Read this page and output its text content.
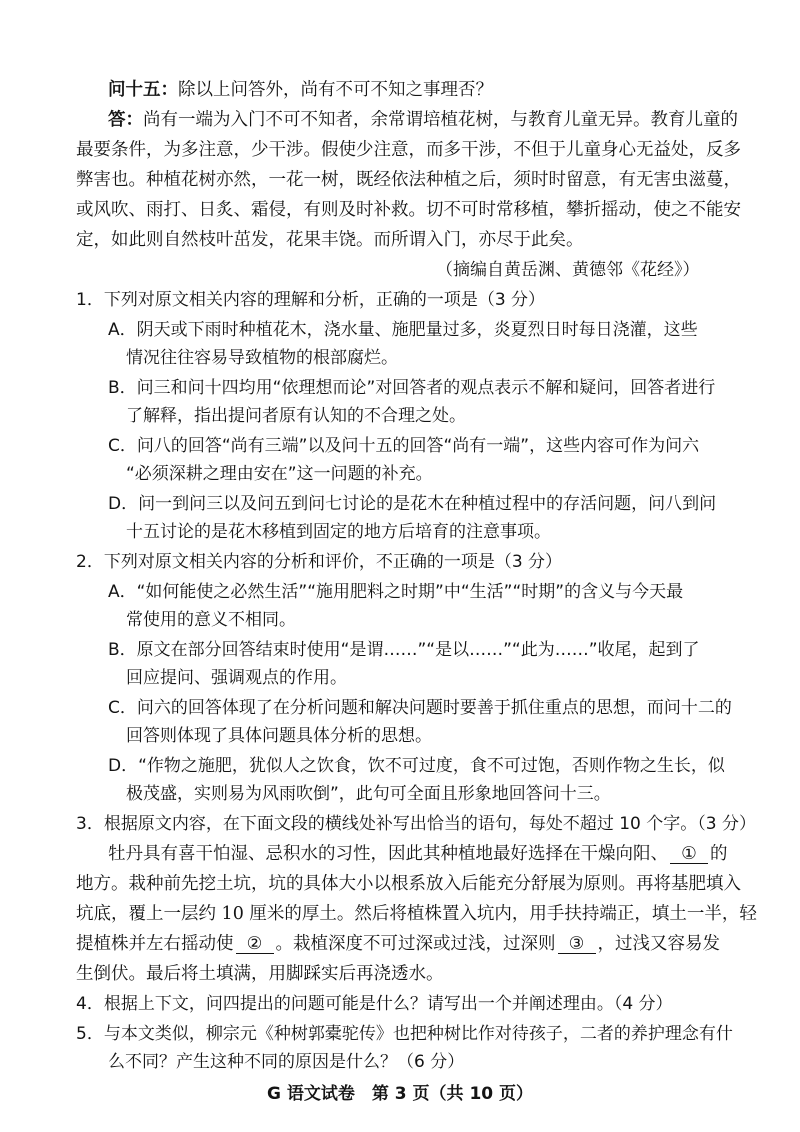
问十五：除以上问答外，尚有不可不知之事理否？
答：尚有一端为入门不可不知者，余常谓培植花树，与教育儿童无异。教育儿童的
最要条件，为多注意，少干涉。假使少注意，而多干涉，不但于儿童身心无益处，反多
弊害也。种植花树亦然，一花一树，既经依法种植之后，须时时留意，有无害虫滋蔓，
或风吹、雨打、日炙、霜侵，有则及时补救。切不可时常移植，攀折摇动，使之不能安
定，如此则自然枝叶茁发，花果丰饶。而所谓入门，亦尽于此矣。
（摘编自黄岳渊、黄德邻《花经》）
1．下列对原文相关内容的理解和分析，正确的一项是（3 分）
A．阴天或下雨时种植花木，浇水量、施肥量过多，炎夏烈日时每日浇灌，这些
情况往往容易导致植物的根部腐烂。
B．问三和问十四均用“依理想而论”对回答者的观点表示不解和疑问，回答者进行
了解释，指出提问者原有认知的不合理之处。
C．问八的回答“尚有三端”以及问十五的回答“尚有一端”，这些内容可作为问六
“必须深耕之理由安在”这一问题的补充。
D．问一到问三以及问五到问七讨论的是花木在种植过程中的存活问题，问八到问
十五讨论的是花木移植到固定的地方后培育的注意事项。
2．下列对原文相关内容的分析和评价，不正确的一项是（3 分）
A．“如何能使之必然生活”“施用肥料之时期”中“生活”“时期”的含义与今天最
常使用的意义不相同。
B．原文在部分回答结束时使用“是谓……”“是以……”“此为……”收尾，起到了
回应提问、强调观点的作用。
C．问六的回答体现了在分析问题和解决问题时要善于抓住重点的思想，而问十二的
回答则体现了具体问题具体分析的思想。
D．“作物之施肥，犹似人之饮食，饮不可过度，食不可过饱，否则作物之生长，似
极茂盛，实则易为风雨吹倒”，此句可全面且形象地回答问十三。
3．根据原文内容，在下面文段的横线处补写出恰当的语句，每处不超过 10 个字。（3 分）
牡丹具有喜干怕湿、忌积水的习性，因此其种植地最好选择在干燥向阳、 ① 的
地方。栽种前先挖土坑，坑的具体大小以根系放入后能充分舒展为原则。再将基肥填入
坑底，覆上一层约 10 厘米的厚土。然后将植株置入坑内，用手扶持端正，填土一半，轻
提植株并左右摇动使 ② 。栽植深度不可过深或过浅，过深则 ③ ，过浅又容易发
生倒伏。最后将土填满，用脚踩实后再浇透水。
4．根据上下文，问四提出的问题可能是什么？请写出一个并阐述理由。（4 分）
5．与本文类似，柳宗元《种树郭橐驼传》也把种树比作对待孩子，二者的养护理念有什
么不同？产生这种不同的原因是什么？（6 分）
G 语文试卷　第 3 页（共 10 页）
